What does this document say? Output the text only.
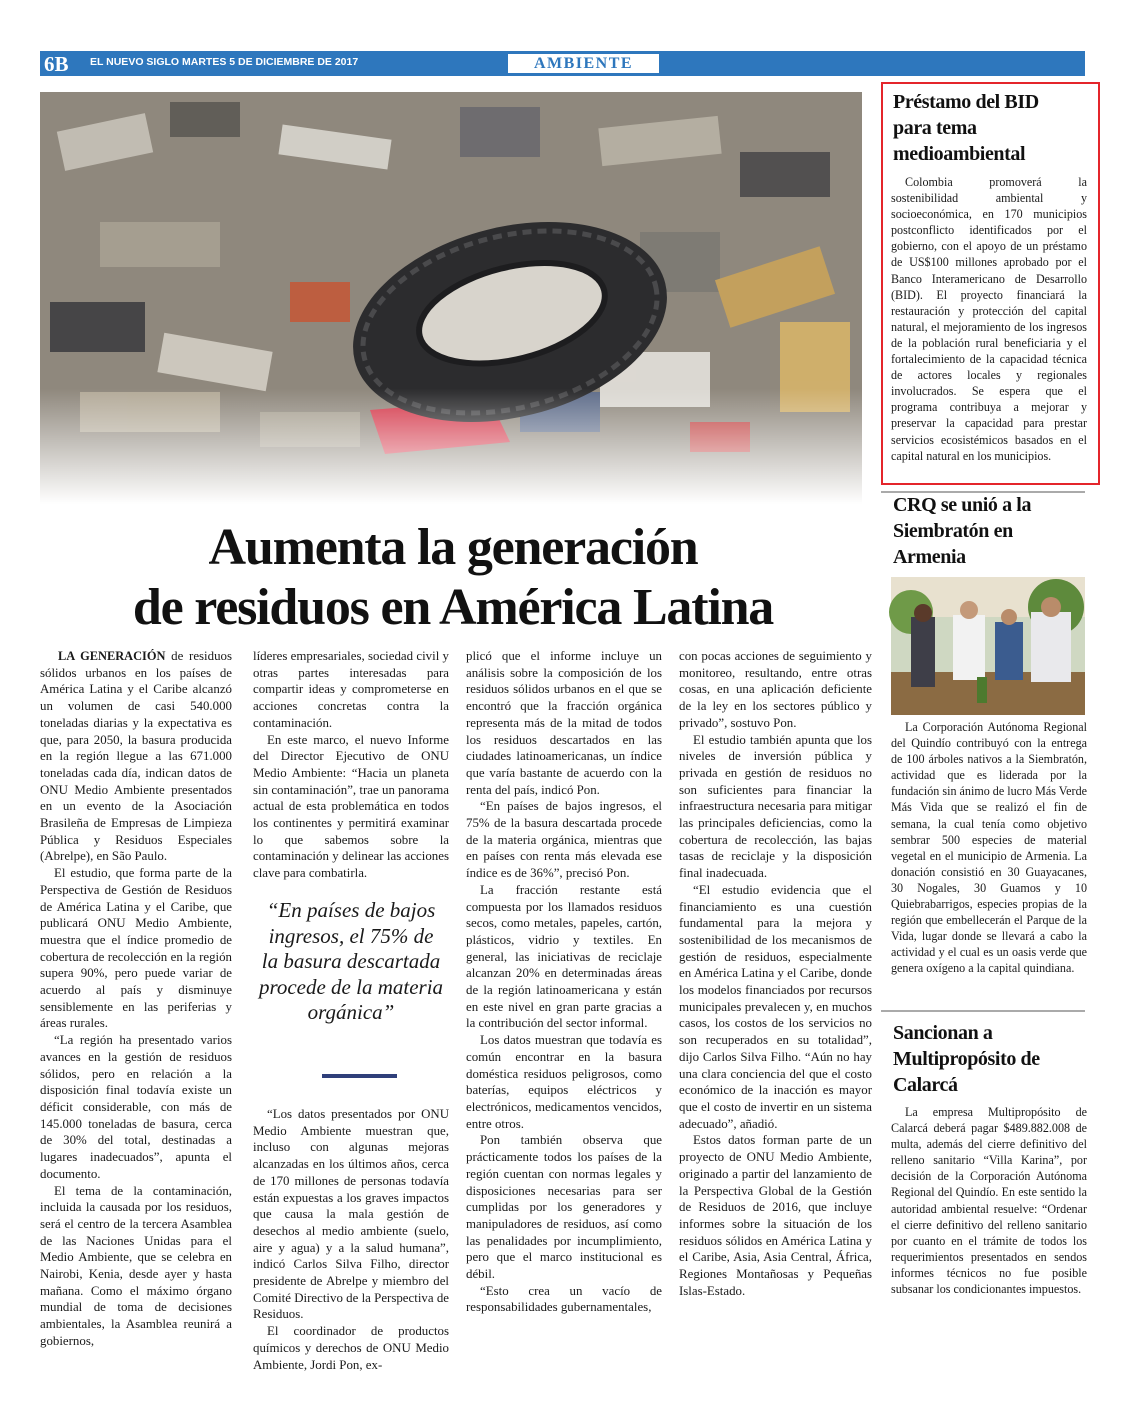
6B EL NUEVO SIGLO MARTES 5 DE DICIEMBRE DE 2017	AMBIENTE
Aumenta la generación
de residuos en América Latina

LA GENERACIÓN de residuos sólidos urbanos en los países de América Latina y el Caribe alcanzó un volumen de casi 540.000 toneladas diarias y la expectativa es que, para 2050, la basura producida en la región llegue a las 671.000 toneladas cada día, indican datos de ONU Medio Ambiente presentados en un evento de la Asociación Brasileña de Empresas de Limpieza Pública y Residuos Especiales (Abrelpe), en São Paulo.

El estudio, que forma parte de la Perspectiva de Gestión de Residuos de América Latina y el Caribe, que publicará ONU Medio Ambiente, muestra que el índice promedio de cobertura de recolección en la región supera 90%, pero puede variar de acuerdo al país y disminuye sensiblemente en las periferias y áreas rurales.

“La región ha presentado varios avances en la gestión de residuos sólidos, pero en relación a la disposición final todavía existe un déficit considerable, con más de 145.000 toneladas de basura, cerca de 30% del total, destinadas a lugares inadecuados”, apunta el documento.

El tema de la contaminación, incluida la causada por los residuos, será el centro de la tercera Asamblea de las Naciones Unidas para el Medio Ambiente, que se celebra en Nairobi, Kenia, desde ayer y hasta mañana. Como el máximo órgano mundial de toma de decisiones ambientales, la Asamblea reunirá a gobiernos,

líderes empresariales, sociedad civil y otras partes interesadas para compartir ideas y comprometerse en acciones concretas contra la contaminación.

En este marco, el nuevo Informe del Director Ejecutivo de ONU Medio Ambiente: “Hacia un planeta sin contaminación”, trae un panorama actual de esta problemática en todos los continentes y permitirá examinar lo que sabemos sobre la contaminación y delinear las acciones clave para combatirla.

“En países de bajos ingresos, el 75% de la basura descartada procede de la materia orgánica”

“Los datos presentados por ONU Medio Ambiente muestran que, incluso con algunas mejoras alcanzadas en los últimos años, cerca de 170 millones de personas todavía están expuestas a los graves impactos que causa la mala gestión de desechos al medio ambiente (suelo, aire y agua) y a la salud humana”, indicó Carlos Silva Filho, director presidente de Abrelpe y miembro del Comité Directivo de la Perspectiva de Residuos.

El coordinador de productos químicos y derechos de ONU Medio Ambiente, Jordi Pon, ex-

plicó que el informe incluye un análisis sobre la composición de los residuos sólidos urbanos en el que se encontró que la fracción orgánica representa más de la mitad de todos los residuos descartados en las ciudades latinoamericanas, un índice que varía bastante de acuerdo con la renta del país, indicó Pon.

“En países de bajos ingresos, el 75% de la basura descartada procede de la materia orgánica, mientras que en países con renta más elevada ese índice es de 36%”, precisó Pon.

La fracción restante está compuesta por los llamados residuos secos, como metales, papeles, cartón, plásticos, vidrio y textiles. En general, las iniciativas de reciclaje alcanzan 20% en determinadas áreas de la región latinoamericana y están en este nivel en gran parte gracias a la contribución del sector informal.

Los datos muestran que todavía es común encontrar en la basura doméstica residuos peligrosos, como baterías, equipos eléctricos y electrónicos, medicamentos vencidos, entre otros.

Pon también observa que prácticamente todos los países de la región cuentan con normas legales y disposiciones necesarias para ser cumplidas por los generadores y manipuladores de residuos, así como las penalidades por incumplimiento, pero que el marco institucional es débil.

“Esto crea un vacío de responsabilidades gubernamentales,

con pocas acciones de seguimiento y monitoreo, resultando, entre otras cosas, en una aplicación deficiente de la ley en los sectores público y privado”, sostuvo Pon.

El estudio también apunta que los niveles de inversión pública y privada en gestión de residuos no son suficientes para financiar la infraestructura necesaria para mitigar las principales deficiencias, como la cobertura de recolección, las bajas tasas de reciclaje y la disposición final inadecuada.

“El estudio evidencia que el financiamiento es una cuestión fundamental para la mejora y sostenibilidad de los mecanismos de gestión de residuos, especialmente en América Latina y el Caribe, donde los modelos financiados por recursos municipales prevalecen y, en muchos casos, los costos de los servicios no son recuperados en su totalidad”, dijo Carlos Silva Filho. “Aún no hay una clara conciencia del que el costo económico de la inacción es mayor que el costo de invertir en un sistema adecuado”, añadió.

Estos datos forman parte de un proyecto de ONU Medio Ambiente, originado a partir del lanzamiento de la Perspectiva Global de la Gestión de Residuos de 2016, que incluye informes sobre la situación de los residuos sólidos en América Latina y el Caribe, Asia, Asia Central, África, Regiones Montañosas y Pequeñas Islas-Estado.

Préstamo del BID para tema medioambiental

Colombia promoverá la sostenibilidad ambiental y socioeconómica, en 170 municipios postconflicto identificados por el gobierno, con el apoyo de un préstamo de US$100 millones aprobado por el Banco Interamericano de Desarrollo (BID). El proyecto financiará la restauración y protección del capital natural, el mejoramiento de los ingresos de la población rural beneficiaria y el fortalecimiento de la capacidad técnica de actores locales y regionales involucrados. Se espera que el programa contribuya a mejorar y preservar la capacidad para prestar servicios ecosistémicos basados en el capital natural en los municipios.

CRQ se unió a la Siembratón en Armenia

La Corporación Autónoma Regional del Quindío contribuyó con la entrega de 100 árboles nativos a la Siembratón, actividad que es liderada por la fundación sin ánimo de lucro Más Verde Más Vida que se realizó el fin de semana, la cual tenía como objetivo sembrar 500 especies de material vegetal en el municipio de Armenia. La donación consistió en 30 Guayacanes, 30 Nogales, 30 Guamos y 10 Quiebrabarrigos, especies propias de la región que embellecerán el Parque de la Vida, lugar donde se llevará a cabo la actividad y el cual es un oasis verde que genera oxígeno a la capital quindiana.

Sancionan a Multipropósito de Calarcá

La empresa Multipropósito de Calarcá deberá pagar $489.882.008 de multa, además del cierre definitivo del relleno sanitario “Villa Karina”, por decisión de la Corporación Autónoma Regional del Quindío. En este sentido la autoridad ambiental resuelve: “Ordenar el cierre definitivo del relleno sanitario por cuanto en el trámite de todos los requerimientos presentados en sendos informes técnicos no fue posible subsanar los condicionantes impuestos.
